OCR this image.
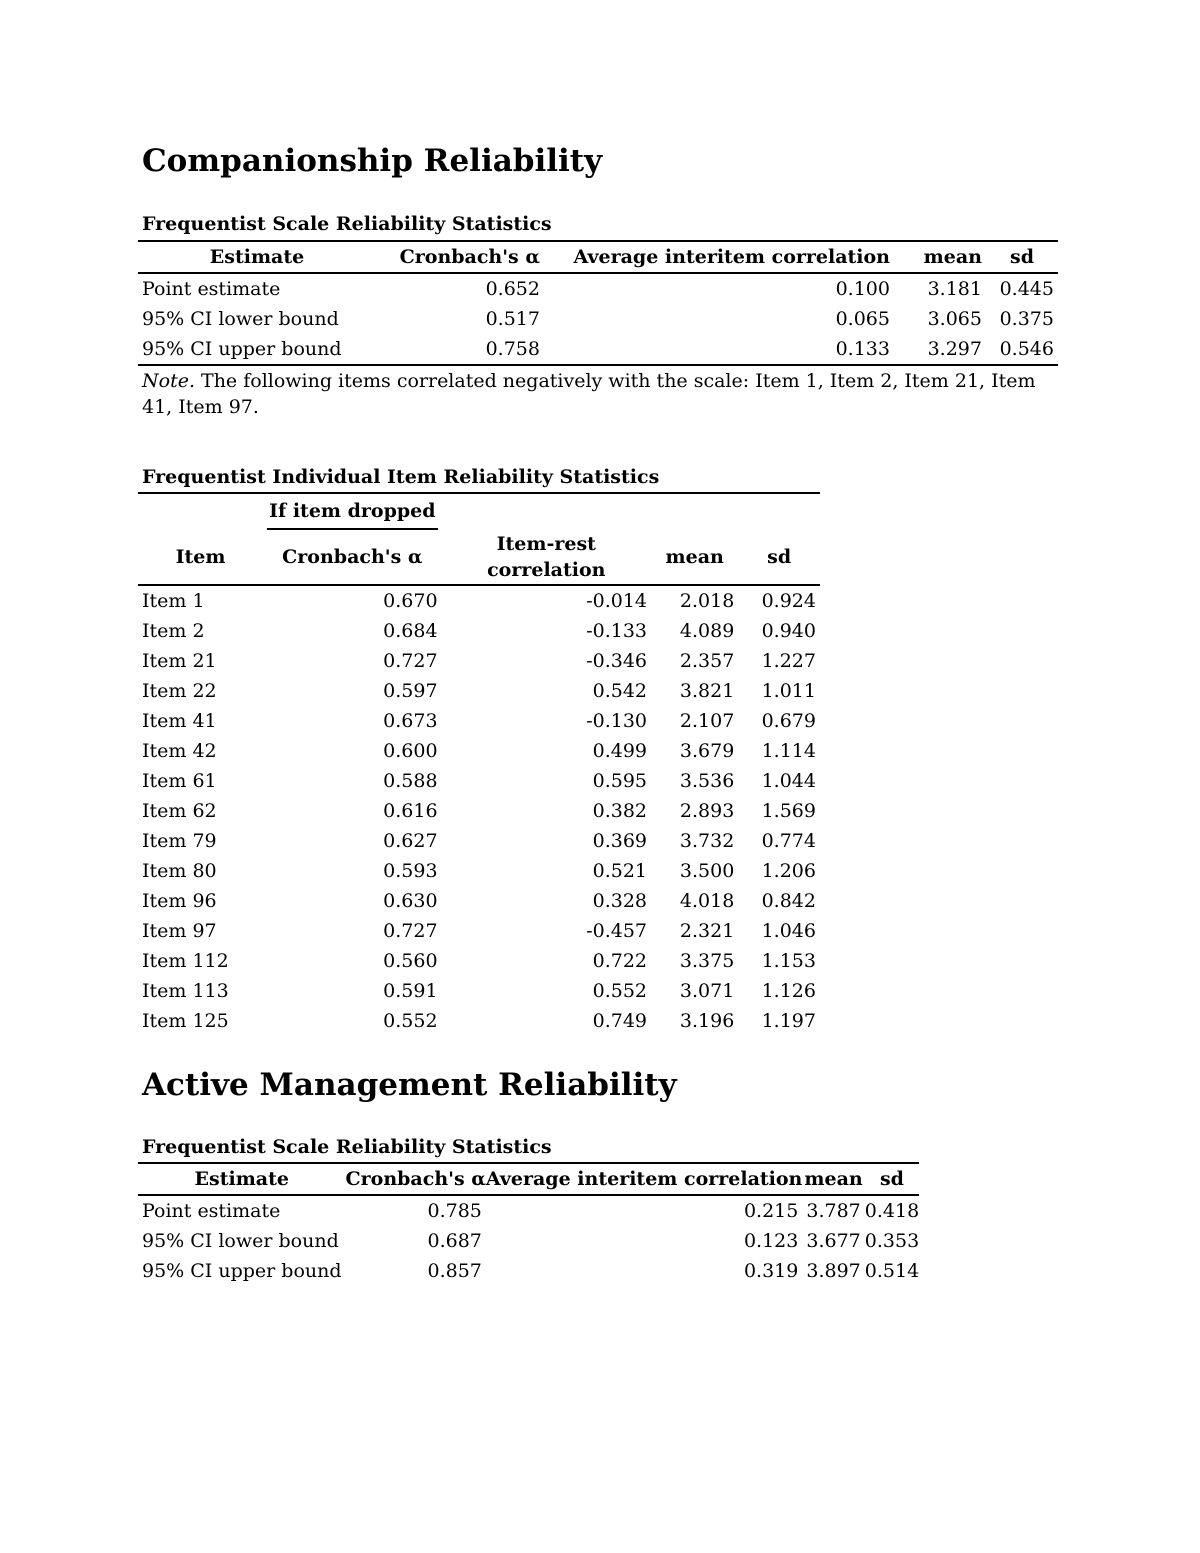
Companionship Reliability
Frequentist Scale Reliability Statistics
Estimate	Cronbach's α	Average interitem correlation	mean	sd
Point estimate	0.652	0.100	3.181	0.445
95% CI lower bound	0.517	0.065	3.065	0.375
95% CI upper bound	0.758	0.133	3.297	0.546
Note. The following items correlated negatively with the scale: Item 1, Item 2, Item 21, Item 41, Item 97.
Frequentist Individual Item Reliability Statistics
	If item dropped			
Item	Cronbach's α	Item-rest correlation	mean	sd
Item 1	0.670	-0.014	2.018	0.924
Item 2	0.684	-0.133	4.089	0.940
Item 21	0.727	-0.346	2.357	1.227
Item 22	0.597	0.542	3.821	1.011
Item 41	0.673	-0.130	2.107	0.679
Item 42	0.600	0.499	3.679	1.114
Item 61	0.588	0.595	3.536	1.044
Item 62	0.616	0.382	2.893	1.569
Item 79	0.627	0.369	3.732	0.774
Item 80	0.593	0.521	3.500	1.206
Item 96	0.630	0.328	4.018	0.842
Item 97	0.727	-0.457	2.321	1.046
Item 112	0.560	0.722	3.375	1.153
Item 113	0.591	0.552	3.071	1.126
Item 125	0.552	0.749	3.196	1.197
Active Management Reliability
Frequentist Scale Reliability Statistics
Estimate	Cronbach's α	Average interitem correlation	mean	sd
Point estimate	0.785	0.215	3.787	0.418
95% CI lower bound	0.687	0.123	3.677	0.353
95% CI upper bound	0.857	0.319	3.897	0.514
